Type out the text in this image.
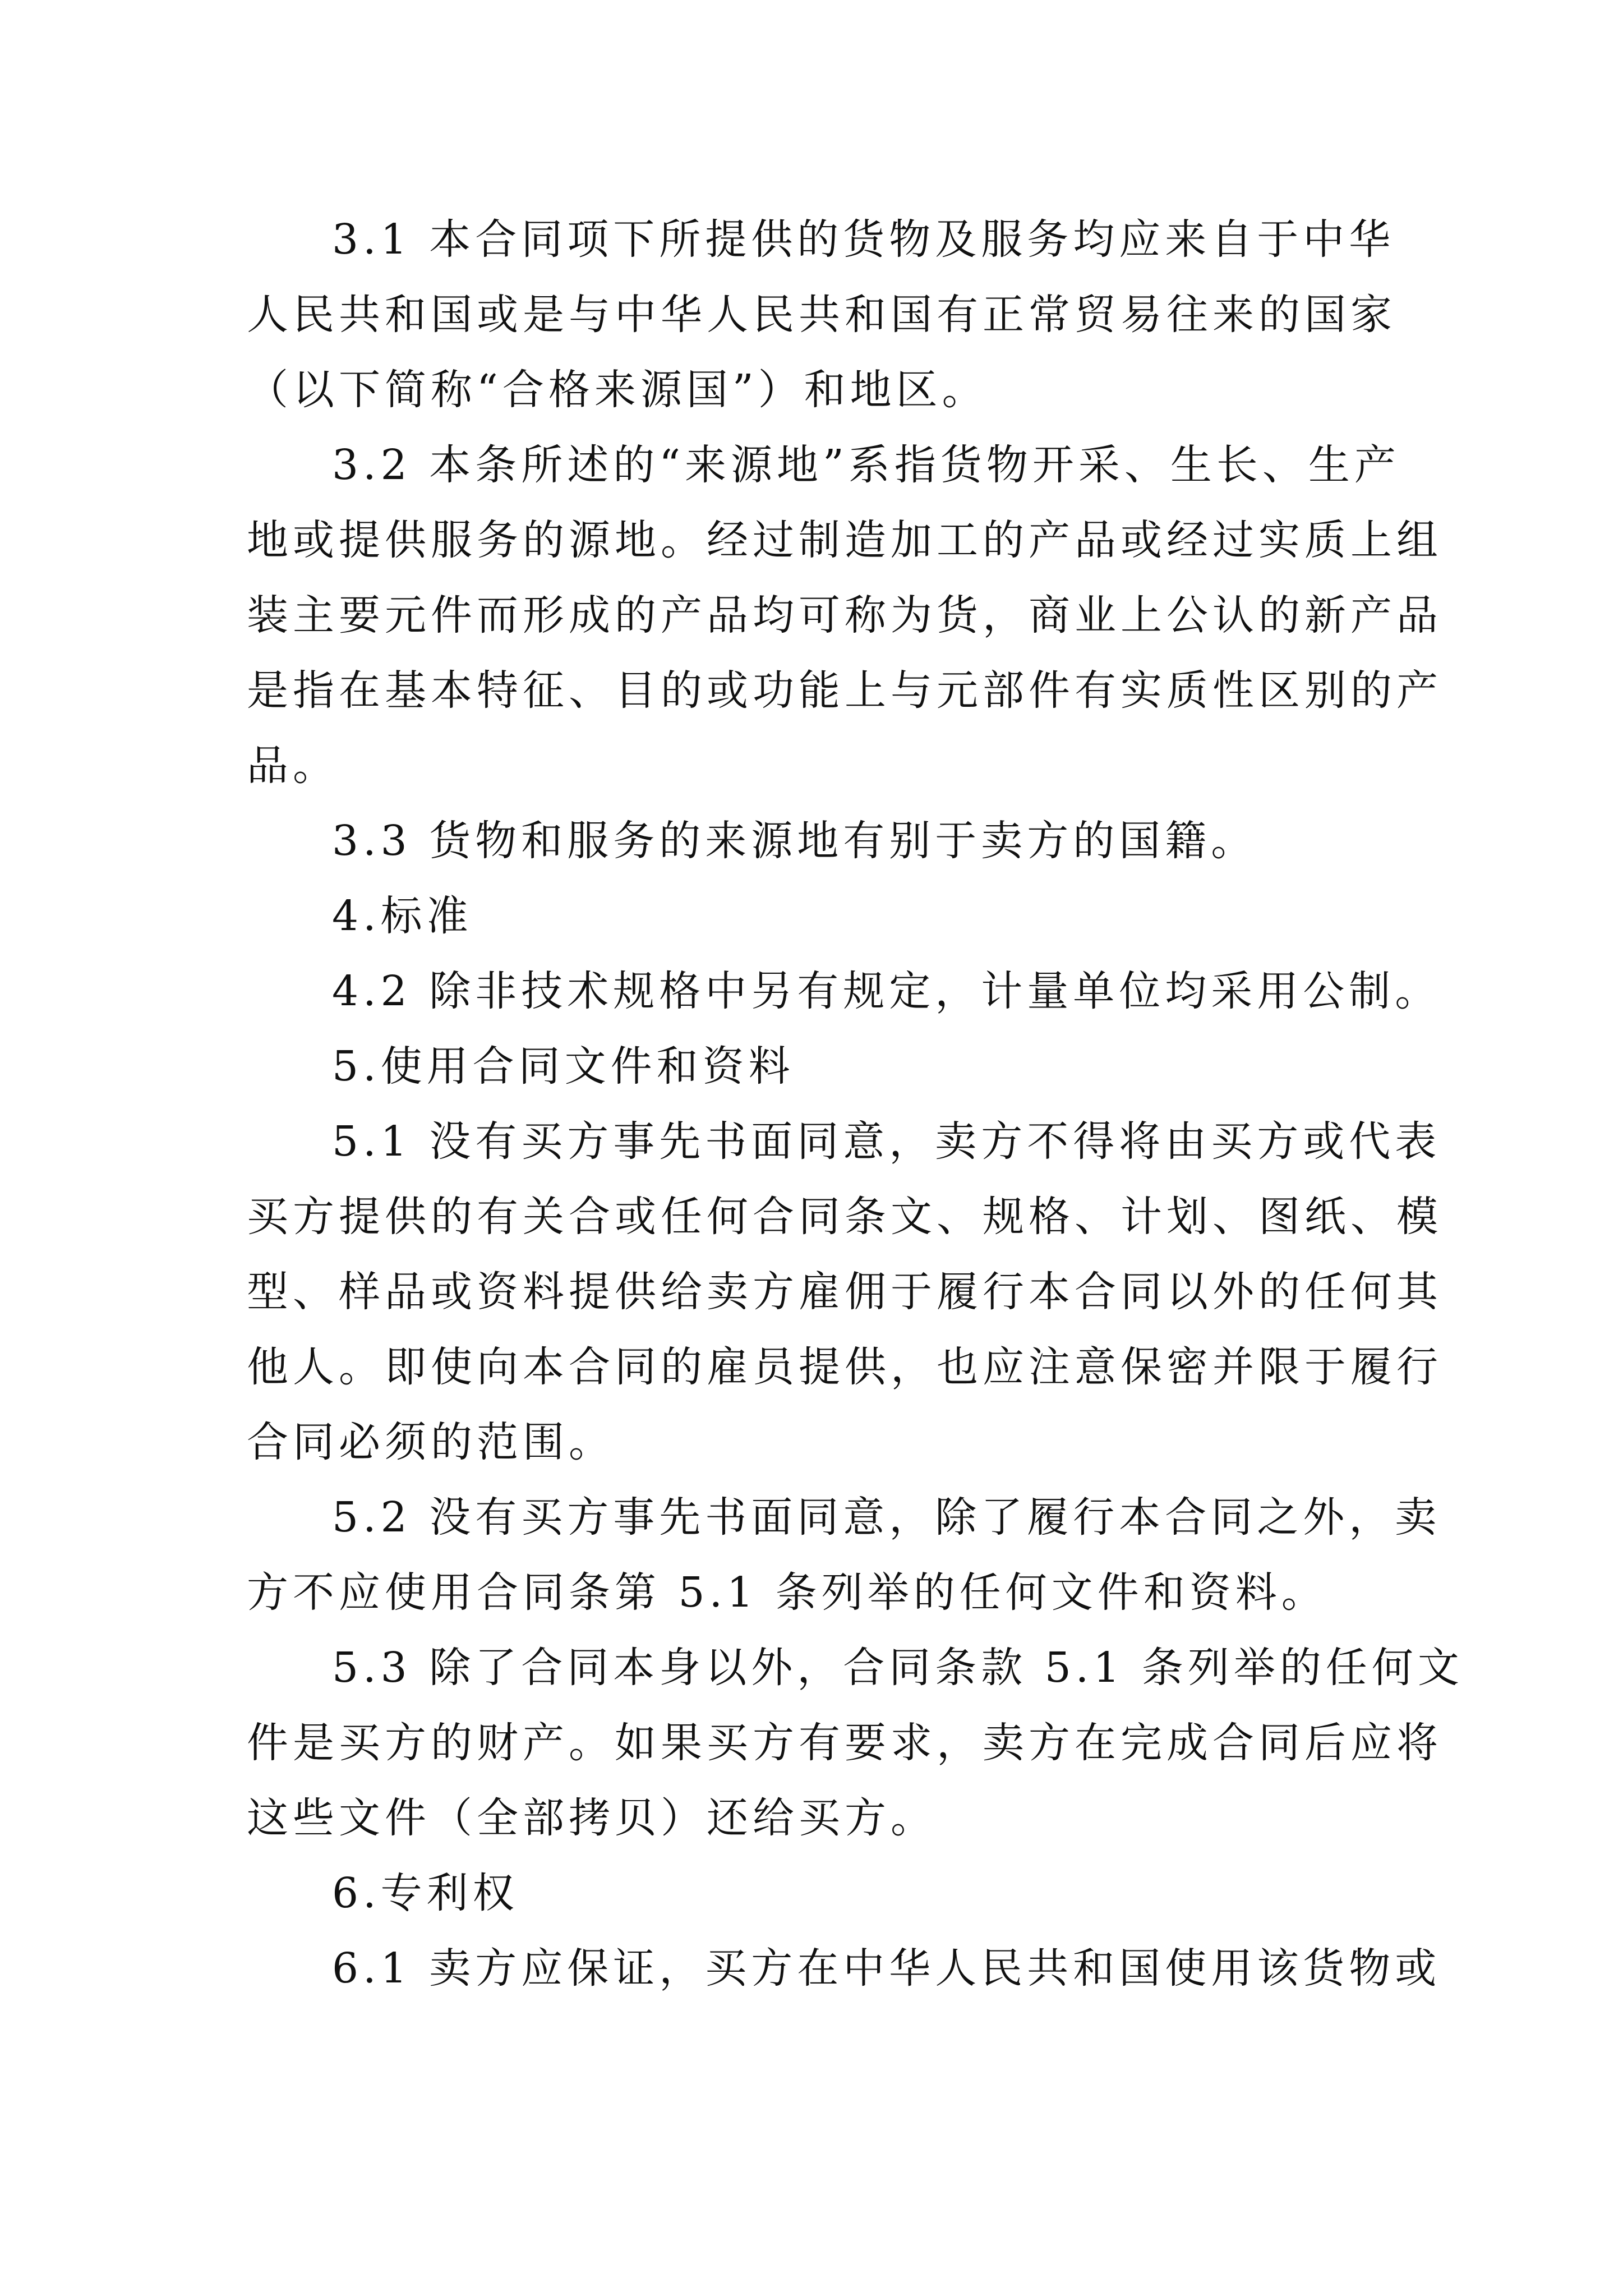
3.1 本合同项下所提供的货物及服务均应来自于中华
人民共和国或是与中华人民共和国有正常贸易往来的国家
（以下简称“合格来源国”）和地区。
3.2 本条所述的“来源地”系指货物开采、生长、生产
地或提供服务的源地。经过制造加工的产品或经过实质上组
装主要元件而形成的产品均可称为货，商业上公认的新产品
是指在基本特征、目的或功能上与元部件有实质性区别的产
品。
3.3 货物和服务的来源地有别于卖方的国籍。
4.标准
4.2 除非技术规格中另有规定，计量单位均采用公制。
5.使用合同文件和资料
5.1 没有买方事先书面同意，卖方不得将由买方或代表
买方提供的有关合或任何合同条文、规格、计划、图纸、模
型、样品或资料提供给卖方雇佣于履行本合同以外的任何其
他人。即使向本合同的雇员提供，也应注意保密并限于履行
合同必须的范围。
5.2 没有买方事先书面同意，除了履行本合同之外，卖
方不应使用合同条第 5.1 条列举的任何文件和资料。
5.3 除了合同本身以外，合同条款 5.1 条列举的任何文
件是买方的财产。如果买方有要求，卖方在完成合同后应将
这些文件（全部拷贝）还给买方。
6.专利权
6.1 卖方应保证，买方在中华人民共和国使用该货物或
